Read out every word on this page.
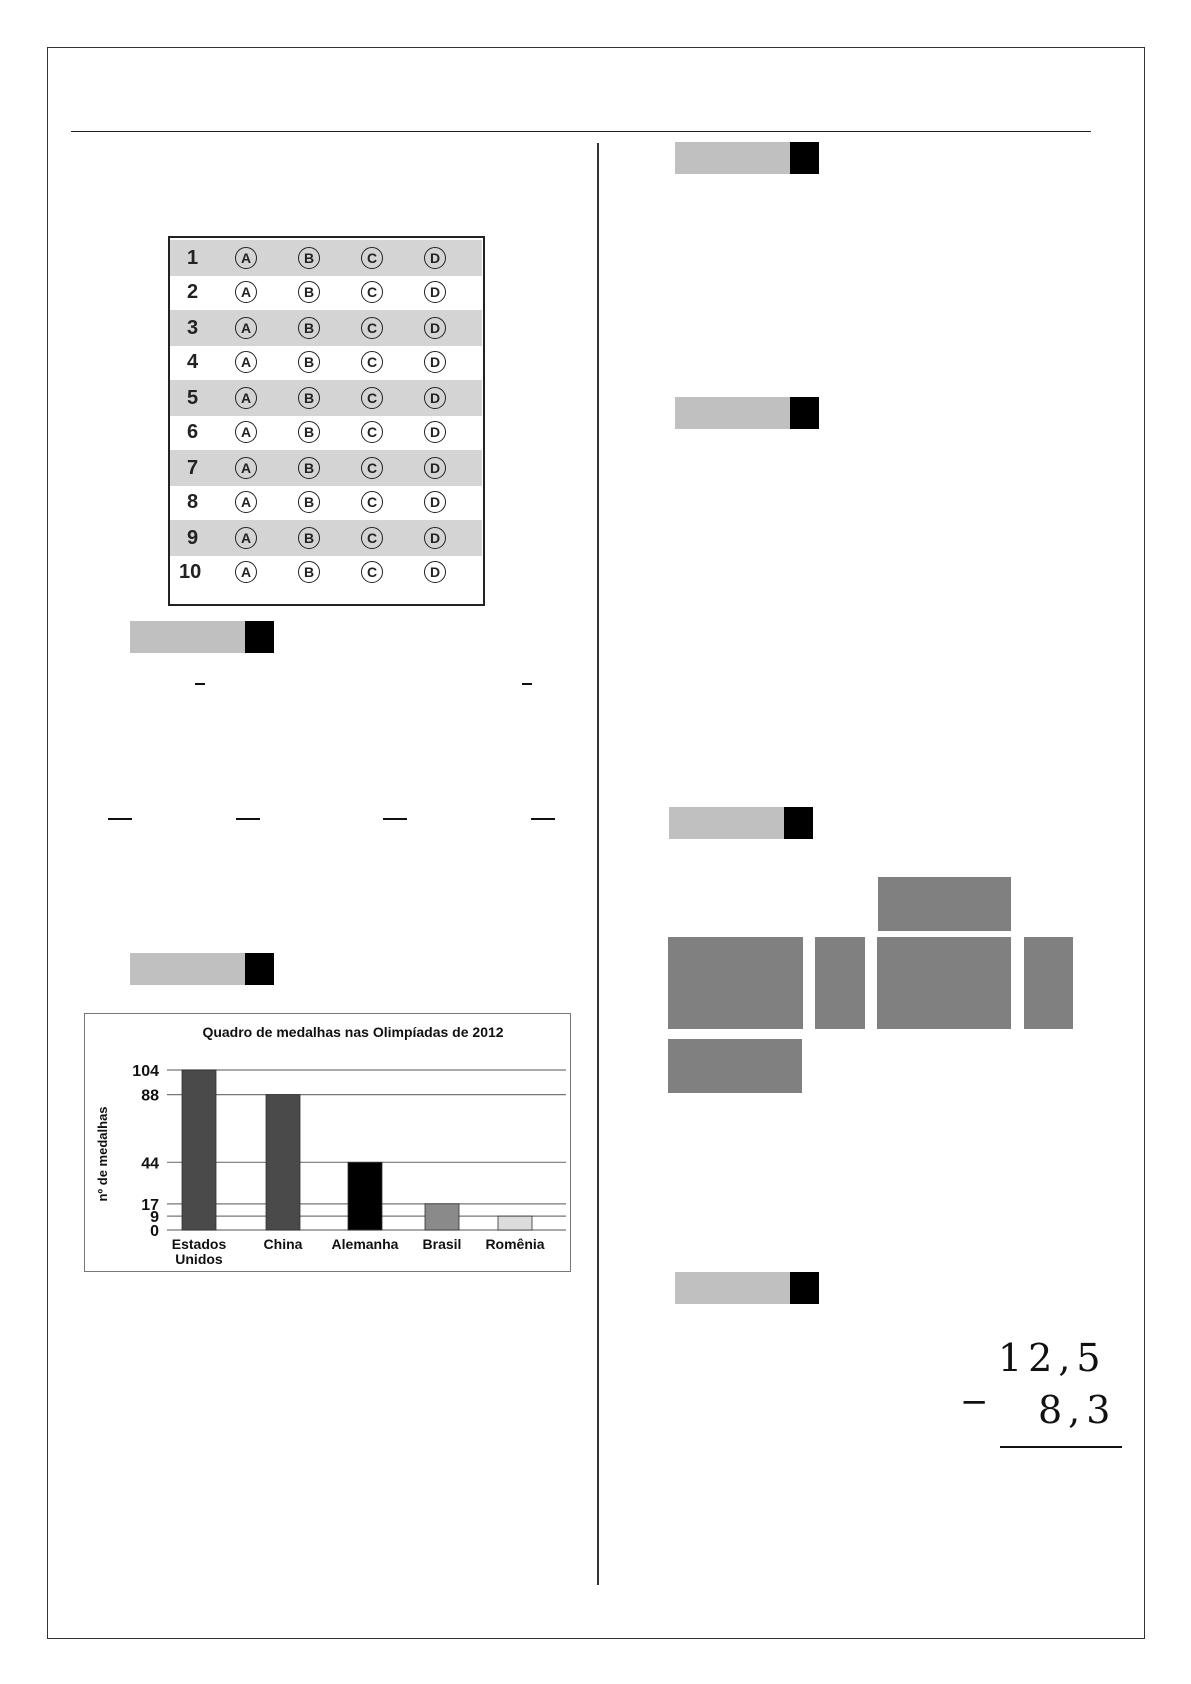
1	A	B	C	D
2	A	B	C	D
3	A	B	C	D
4	A	B	C	D
5	A	B	C	D
6	A	B	C	D
7	A	B	C	D
8	A	B	C	D
9	A	B	C	D
10	A	B	C	D
Quadro de medalhas nas Olimpíadas de 2012
0
9
17
44
88
104
nº de medalhas
Estados Unidos
China Alemanha Brasil Romênia
12,5
− 8,3
